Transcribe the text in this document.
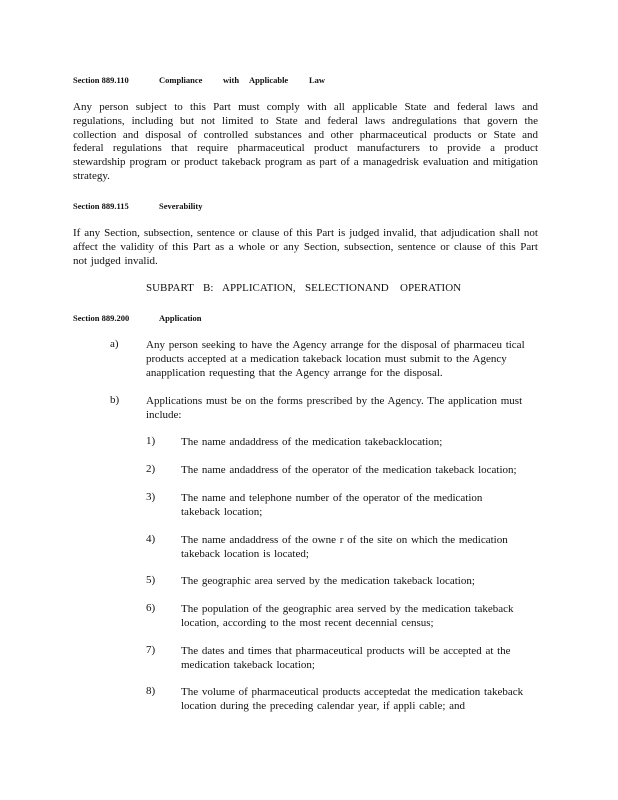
Section 889.110	Compliance with Applicable Law
Any person subject to this Part must comply with all applicable State and federal laws and regulations, including but not limited to State and federal laws andregulations that govern the collection and disposal of controlled substances and other pharmaceutical products or State and federal regulations that require pharmaceutical product manufacturers to provide a product stewardship program or product takeback program as part of a managedrisk evaluation and mitigation strategy.
Section 889.115	Severability
If any Section, subsection, sentence or clause of this Part is judged invalid, that adjudication shall not affect the validity of this Part as a whole or any Section, subsection, sentence or clause of this Part not judged invalid.
SUBPART B: APPLICATION, SELECTIONAND OPERATION
Section 889.200	Application
a) Any person seeking to have the Agency arrange for the disposal of pharmaceu tical products accepted at a medication takeback location must submit to the Agency anapplication requesting that the Agency arrange for the disposal.
b) Applications must be on the forms prescribed by the Agency. The application must include:
1) The name andaddress of the medication takebacklocation;
2) The name andaddress of the operator of the medication takeback location;
3) The name and telephone number of the operator of the medication takeback location;
4) The name andaddress of the owne r of the site on which the medication takeback location is located;
5) The geographic area served by the medication takeback location;
6) The population of the geographic area served by the medication takeback location, according to the most recent decennial census;
7) The dates and times that pharmaceutical products will be accepted at the medication takeback location;
8) The volume of pharmaceutical products acceptedat the medication takeback location during the preceding calendar year, if appli cable; and
